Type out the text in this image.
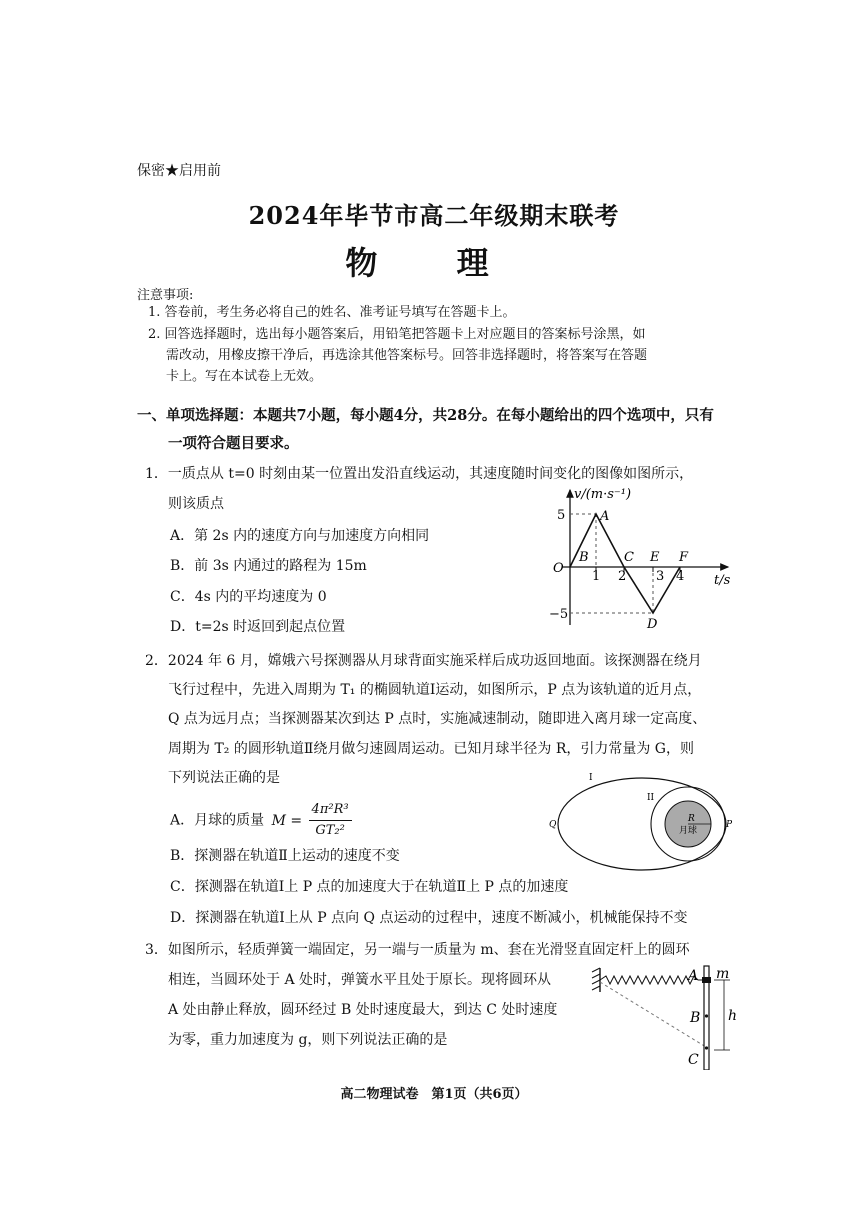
保密★启用前
2024年毕节市高二年级期末联考
物 理
注意事项:
1. 答卷前，考生务必将自己的姓名、准考证号填写在答题卡上。
2. 回答选择题时，选出每小题答案后，用铅笔把答题卡上对应题目的答案标号涂黑，如
需改动，用橡皮擦干净后，再选涂其他答案标号。回答非选择题时，将答案写在答题
卡上。写在本试卷上无效。
一、单项选择题：本题共7小题，每小题4分，共28分。在每小题给出的四个选项中，只有
一项符合题目要求。
1．一质点从 t=0 时刻由某一位置出发沿直线运动，其速度随时间变化的图像如图所示，
则该质点
A．第 2s 内的速度方向与加速度方向相同
B．前 3s 内通过的路程为 15m
C．4s 内的平均速度为 0
D．t=2s 时返回到起点位置
v/(m·s⁻¹)
t/s
O
5
−5
1 2 3 4
A
B	C
D
E F
2．2024 年 6 月，嫦娥六号探测器从月球背面实施采样后成功返回地面。该探测器在绕月
飞行过程中，先进入周期为 T₁ 的椭圆轨道Ⅰ运动，如图所示，P 点为该轨道的近月点，
Q 点为远月点；当探测器某次到达 P 点时，实施减速制动，随即进入离月球一定高度、
周期为 T₂ 的圆形轨道Ⅱ绕月做匀速圆周运动。已知月球半径为 R，引力常量为 G，则
下列说法正确的是
A．月球的质量 $M = \frac{\text{4π²R³}}{\text{GT₂²}}$
B．探测器在轨道Ⅱ上运动的速度不变
C．探测器在轨道Ⅰ上 P 点的加速度大于在轨道Ⅱ上 P 点的加速度
D．探测器在轨道Ⅰ上从 P 点向 Q 点运动的过程中，速度不断减小，机械能保持不变
I
II
Q	P
R
月球
3．如图所示，轻质弹簧一端固定，另一端与一质量为 m、套在光滑竖直固定杆上的圆环
相连，当圆环处于 A 处时，弹簧水平且处于原长。现将圆环从
A 处由静止释放，圆环经过 B 处时速度最大，到达 C 处时速度
为零，重力加速度为 g，则下列说法正确的是
A
B
C
m
h
高二物理试卷　第1页（共6页）
